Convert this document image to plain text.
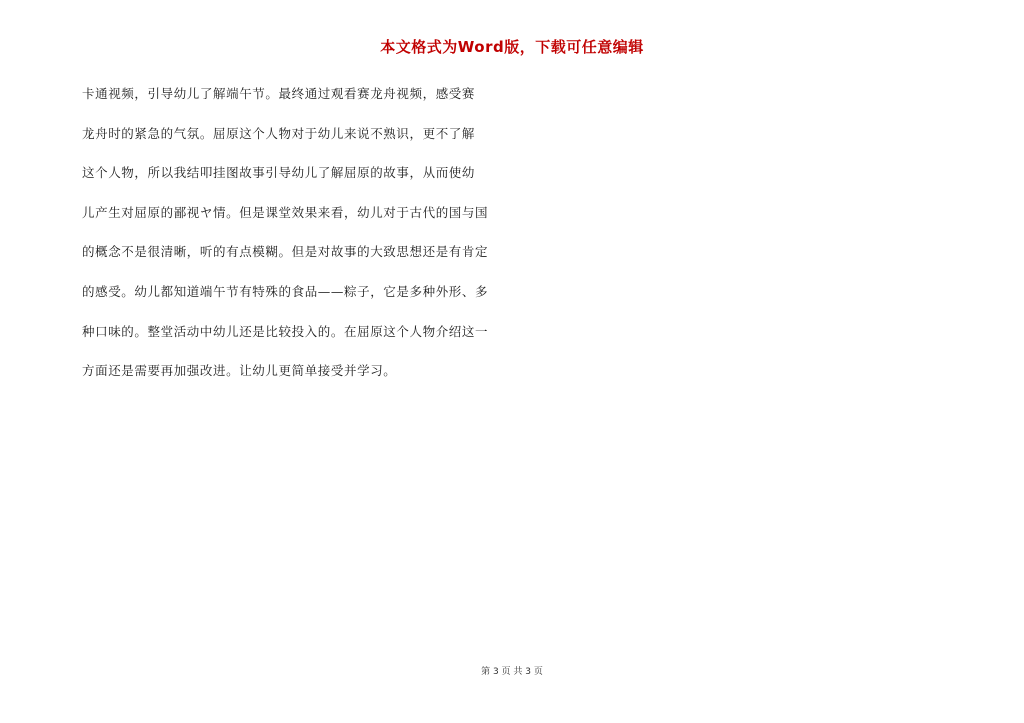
本文格式为Word版，下载可任意编辑
卡通视频，引导幼儿了解端午节。最终通过观看赛龙舟视频，感受赛
龙舟时的紧急的气氛。屈原这个人物对于幼儿来说不熟识，更不了解
这个人物，所以我结叩挂图故事引导幼儿了解屈原的故事，从而使幼
儿产生对屈原的鄙视ヤ情。但是课堂效果来看，幼儿对于古代的国与国
的概念不是很清晰，听的有点模糊。但是对故事的大致思想还是有肯定
的感受。幼儿都知道端午节有特殊的食品——粽子，它是多种外形、多
种口味的。整堂活动中幼儿还是比较投入的。在屈原这个人物介绍这一
方面还是需要再加强改进。让幼儿更简单接受并学习。
第 3 页 共 3 页
